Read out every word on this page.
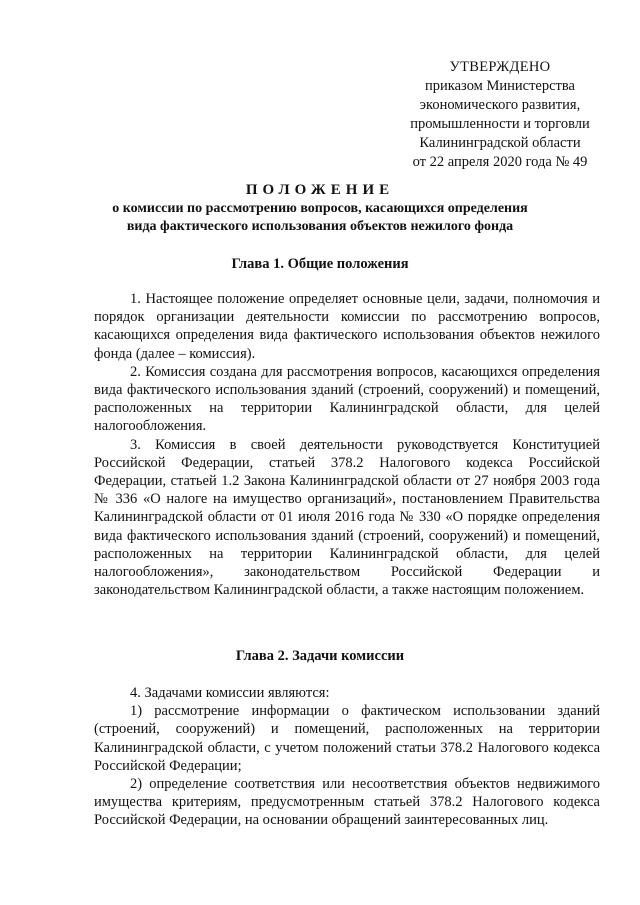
УТВЕРЖДЕНО
приказом Министерства
экономического развития,
промышленности и торговли
Калининградской области
от 22 апреля 2020 года № 49
ПОЛОЖЕНИЕ
о комиссии по рассмотрению вопросов, касающихся определения
вида фактического использования объектов нежилого фонда
Глава 1. Общие положения

1. Настоящее положение определяет основные цели, задачи, полномочия и порядок организации деятельности комиссии по рассмотрению вопросов, касающихся определения вида фактического использования объектов нежилого фонда (далее – комиссия).

2. Комиссия создана для рассмотрения вопросов, касающихся определения вида фактического использования зданий (строений, сооружений) и помещений, расположенных на территории Калининградской области, для целей налогообложения.

3. Комиссия в своей деятельности руководствуется Конституцией Российской Федерации, статьей 378.2 Налогового кодекса Российской Федерации, статьей 1.2 Закона Калининградской области от 27 ноября 2003 года № 336 «О налоге на имущество организаций», постановлением Правительства Калининградской области от 01 июля 2016 года № 330 «О порядке определения вида фактического использования зданий (строений, сооружений) и помещений, расположенных на территории Калининградской области, для целей налогообложения», законодательством Российской Федерации и законодательством Калининградской области, а также настоящим положением.

Глава 2. Задачи комиссии

4. Задачами комиссии являются:

1) рассмотрение информации о фактическом использовании зданий (строений, сооружений) и помещений, расположенных на территории Калининградской области, с учетом положений статьи 378.2 Налогового кодекса Российской Федерации;

2) определение соответствия или несоответствия объектов недвижимого имущества критериям, предусмотренным статьей 378.2 Налогового кодекса Российской Федерации, на основании обращений заинтересованных лиц.
